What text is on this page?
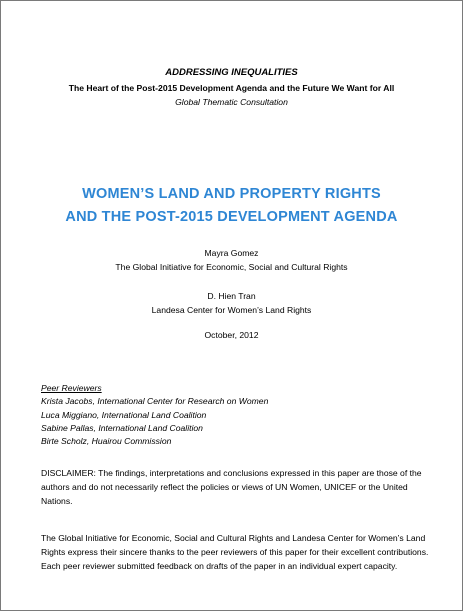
ADDRESSING INEQUALITIES
The Heart of the Post-2015 Development Agenda and the Future We Want for All
Global Thematic Consultation
WOMEN’S LAND AND PROPERTY RIGHTS
AND THE POST-2015 DEVELOPMENT AGENDA
Mayra Gomez
The Global Initiative for Economic, Social and Cultural Rights
D. Hien Tran
Landesa Center for Women’s Land Rights
October, 2012
Peer Reviewers
Krista Jacobs, International Center for Research on Women
Luca Miggiano, International Land Coalition
Sabine Pallas, International Land Coalition
Birte Scholz, Huairou Commission
DISCLAIMER: The findings, interpretations and conclusions expressed in this paper are those of the authors and do not necessarily reflect the policies or views of UN Women, UNICEF or the United Nations.
The Global Initiative for Economic, Social and Cultural Rights and Landesa Center for Women’s Land Rights express their sincere thanks to the peer reviewers of this paper for their excellent contributions. Each peer reviewer submitted feedback on drafts of the paper in an individual expert capacity.
